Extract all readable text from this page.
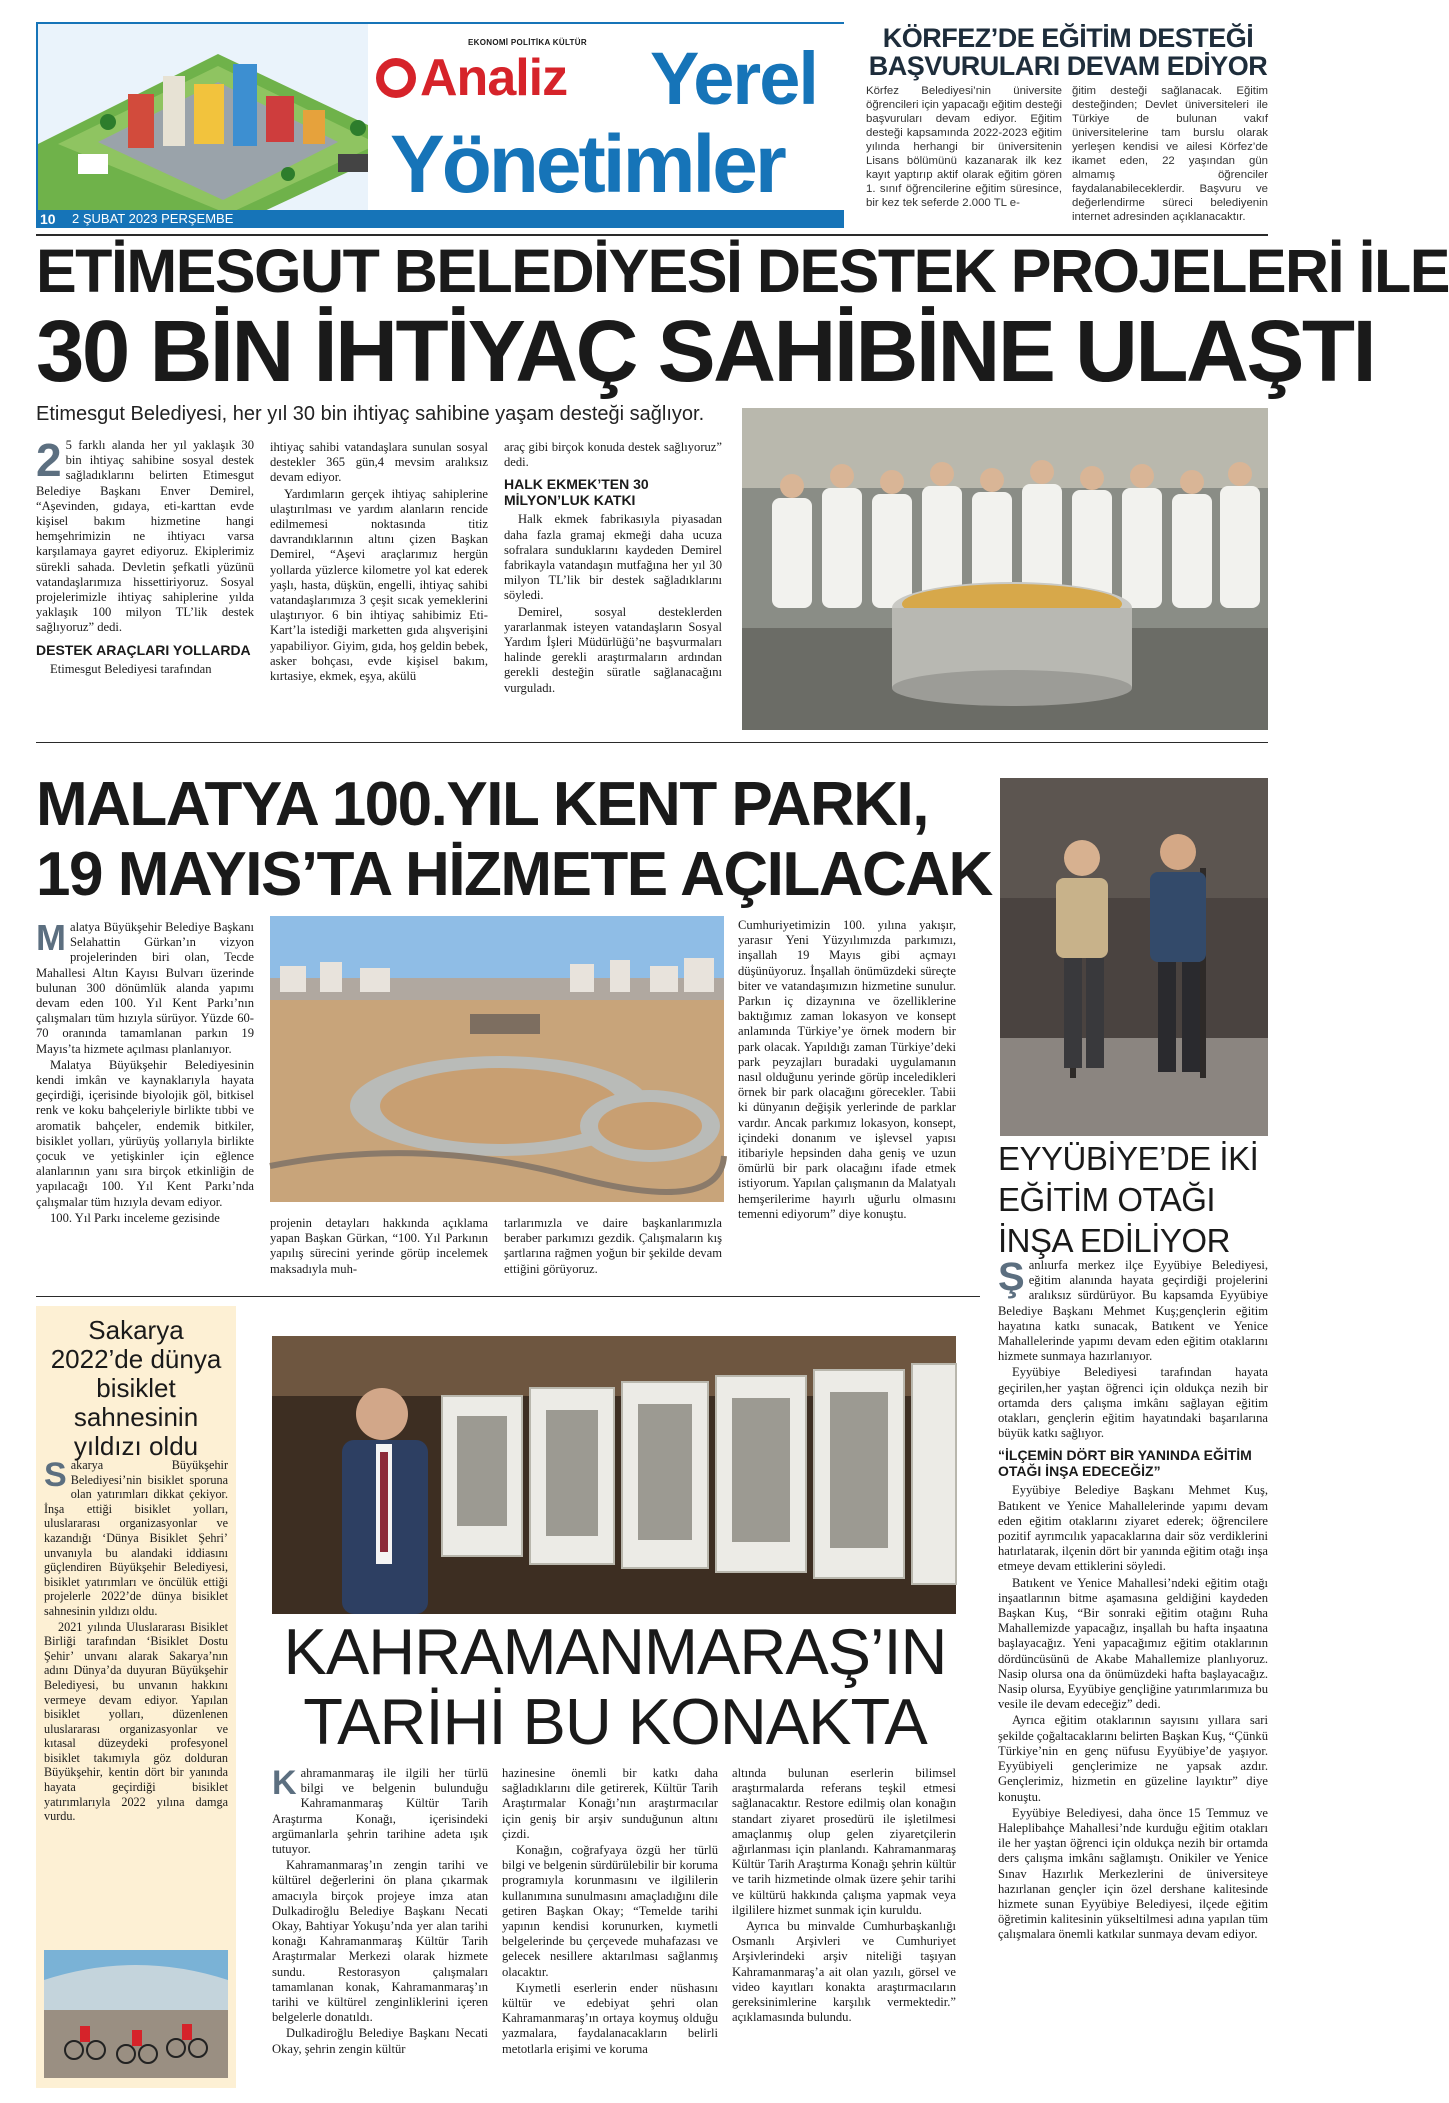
EKONOMİ POLİTİKA KÜLTÜR
Analiz Yerel
Yönetimler
10 2 ŞUBAT 2023 PERŞEMBE
KÖRFEZ’DE EĞİTİM DESTEĞİ BAŞVURULARI DEVAM EDİYOR
Körfez Belediyesi’nin üniversite öğrencileri için yapacağı eğitim desteği başvuruları devam ediyor. Eğitim desteği kapsamında 2022-2023 eğitim yılında herhangi bir üniversitenin Lisans bölümünü kazanarak ilk kez kayıt yaptırıp aktif olarak eğitim gören 1. sınıf öğrencilerine eğitim süresince, bir kez tek seferde 2.000 TL e-
ğitim desteği sağlanacak. Eğitim desteğinden; Devlet üniversiteleri ile Türkiye de bulunan vakıf üniversitelerine tam burslu olarak yerleşen kendisi ve ailesi Körfez’de ikamet eden, 22 yaşından gün almamış öğrenciler faydalanabileceklerdir. Başvuru ve değerlendirme süreci belediyenin internet adresinden açıklanacaktır.
ETİMESGUT BELEDİYESİ DESTEK PROJELERİ İLE
30 BİN İHTİYAÇ SAHİBİNE ULAŞTI
Etimesgut Belediyesi, her yıl 30 bin ihtiyaç sahibine yaşam desteği sağlıyor.
2 5 farklı alanda her yıl yaklaşık 30 bin ihtiyaç sahibine sosyal destek sağladıklarını belirten Etimesgut Belediye Başkanı Enver Demirel, “Aşevinden, gıdaya, eti-karttan evde kişisel bakım hizmetine hangi hemşehrimizin ne ihtiyacı varsa karşılamaya gayret ediyoruz. Ekiplerimiz sürekli sahada. Devletin şefkatli yüzünü vatandaşlarımıza hissettiriyoruz. Sosyal projelerimizle ihtiyaç sahiplerine yılda yaklaşık 100 milyon TL’lik destek sağlıyoruz” dedi.

DESTEK ARAÇLARI YOLLARDA

Etimesgut Belediyesi tarafından

ihtiyaç sahibi vatandaşlara sunulan sosyal destekler 365 gün,4 mevsim aralıksız devam ediyor.

Yardımların gerçek ihtiyaç sahiplerine ulaştırılması ve yardım alanların rencide edilmemesi noktasında titiz davrandıklarının altını çizen Başkan Demirel, “Aşevi araçlarımız hergün yollarda yüzlerce kilometre yol kat ederek yaşlı, hasta, düşkün, engelli, ihtiyaç sahibi vatandaşlarımıza 3 çeşit sıcak yemeklerini ulaştırıyor. 6 bin ihtiyaç sahibimiz Eti-Kart’la istediği marketten gıda alışverişini yapabiliyor. Giyim, gıda, hoş geldin bebek, asker bohçası, evde kişisel bakım, kırtasiye, ekmek, eşya, akülü

araç gibi birçok konuda destek sağlıyoruz” dedi.

HALK EKMEK’TEN 30 MİLYON’LUK KATKI

Halk ekmek fabrikasıyla piyasadan daha fazla gramaj ekmeği daha ucuza sofralara sunduklarını kaydeden Demirel fabrikayla vatandaşın mutfağına her yıl 30 milyon TL’lik bir destek sağladıklarını söyledi.

Demirel, sosyal desteklerden yararlanmak isteyen vatandaşların Sosyal Yardım İşleri Müdürlüğü’ne başvurmaları halinde gerekli araştırmaların ardından gerekli desteğin süratle sağlanacağını vurguladı.

MALATYA 100.YIL KENT PARKI,
19 MAYIS’TA HİZMETE AÇILACAK
M alatya Büyükşehir Belediye Başkanı Selahattin Gürkan’ın vizyon projelerinden biri olan, Tecde Mahallesi Altın Kayısı Bulvarı üzerinde bulunan 300 dönümlük alanda yapımı devam eden 100. Yıl Kent Parkı’nın çalışmaları tüm hızıyla sürüyor. Yüzde 60-70 oranında tamamlanan parkın 19 Mayıs’ta hizmete açılması planlanıyor.

Malatya Büyükşehir Belediyesinin kendi imkân ve kaynaklarıyla hayata geçirdiği, içerisinde biyolojik göl, bitkisel renk ve koku bahçeleriyle birlikte tıbbi ve aromatik bahçeler, endemik bitkiler, bisiklet yolları, yürüyüş yollarıyla birlikte çocuk ve yetişkinler için eğlence alanlarının yanı sıra birçok etkinliğin de yapılacağı 100. Yıl Kent Parkı’nda çalışmalar tüm hızıyla devam ediyor.

100. Yıl Parkı inceleme gezisinde	projenin detayları hakkında açıklama yapan Başkan Gürkan, “100. Yıl Parkının yapılış sürecini yerinde görüp incelemek maksadıyla muh-
tarlarımızla ve daire başkanlarımızla beraber parkımızı gezdik. Çalışmaların kış şartlarına rağmen yoğun bir şekilde devam ettiğini görüyoruz.
Cumhuriyetimizin 100. yılına yakışır, yarasır Yeni Yüzyılımızda parkımızı, inşallah 19 Mayıs gibi açmayı düşünüyoruz. İnşallah önümüzdeki süreçte biter ve vatandaşımızın hizmetine sunulur. Parkın iç dizaynına ve özelliklerine baktığımız zaman lokasyon ve konsept anlamında Türkiye’ye örnek modern bir park olacak. Yapıldığı zaman Türkiye’deki park peyzajları buradaki uygulamanın nasıl olduğunu yerinde görüp inceledikleri örnek bir park olacağını görecekler. Tabii ki dünyanın değişik yerlerinde de parklar vardır. Ancak parkımız lokasyon, konsept, içindeki donanım ve işlevsel yapısı itibariyle hepsinden daha geniş ve uzun ömürlü bir park olacağını ifade etmek istiyorum. Yapılan çalışmanın da Malatyalı hemşerilerime hayırlı uğurlu olmasını temenni ediyorum” diye konuştu.
EYYÜBİYE’DE İKİ EĞİTİM OTAĞI İNŞA EDİLİYOR
Ş anlıurfa merkez ilçe Eyyübiye Belediyesi, eğitim alanında hayata geçirdiği projelerini aralıksız sürdürüyor. Bu kapsamda Eyyübiye Belediye Başkanı Mehmet Kuş;gençlerin eğitim hayatına katkı sunacak, Batıkent ve Yenice Mahallelerinde yapımı devam eden eğitim otaklarını hizmete sunmaya hazırlanıyor.

Eyyübiye Belediyesi tarafından hayata geçirilen,her yaştan öğrenci için oldukça nezih bir ortamda ders çalışma imkânı sağlayan eğitim otakları, gençlerin eğitim hayatındaki başarılarına büyük katkı sağlıyor.

“İLÇEMİN DÖRT BİR YANINDA EĞİTİM OTAĞI İNŞA EDECEĞİZ”

Eyyübiye Belediye Başkanı Mehmet Kuş, Batıkent ve Yenice Mahallelerinde yapımı devam eden eğitim otaklarını ziyaret ederek; öğrencilere pozitif ayrımcılık yapacaklarına dair söz verdiklerini hatırlatarak, ilçenin dört bir yanında eğitim otağı inşa etmeye devam ettiklerini söyledi.

Batıkent ve Yenice Mahallesi’ndeki eğitim otağı inşaatlarının bitme aşamasına geldiğini kaydeden Başkan Kuş, “Bir sonraki eğitim otağını Ruha Mahallemizde yapacağız, inşallah bu hafta inşaatına başlayacağız. Yeni yapacağımız eğitim otaklarının dördüncüsünü de Akabe Mahallemize planlıyoruz. Nasip olursa ona da önümüzdeki hafta başlayacağız. Nasip olursa, Eyyübiye gençliğine yatırımlarımıza bu vesile ile devam edeceğiz” dedi.

Ayrıca eğitim otaklarının sayısını yıllara sari şekilde çoğaltacaklarını belirten Başkan Kuş, “Çünkü Türkiye’nin en genç nüfusu Eyyübiye’de yaşıyor. Eyyübiyeli gençlerimize ne yapsak azdır. Gençlerimiz, hizmetin en güzeline layıktır” diye konuştu.

Eyyübiye Belediyesi, daha önce 15 Temmuz ve Haleplibahçe Mahallesi’nde kurduğu eğitim otakları ile her yaştan öğrenci için oldukça nezih bir ortamda ders çalışma imkânı sağlamıştı. Onikiler ve Yenice Sınav Hazırlık Merkezlerini de üniversiteye hazırlanan gençler için özel dershane kalitesinde hizmete sunan Eyyübiye Belediyesi, ilçede eğitim öğretimin kalitesinin yükseltilmesi adına yapılan tüm çalışmalara önemli katkılar sunmaya devam ediyor.

Sakarya 2022’de dünya bisiklet sahnesinin yıldızı oldu
S akarya Büyükşehir Belediyesi’nin bisiklet sporuna olan yatırımları dikkat çekiyor. İnşa ettiği bisiklet yolları, uluslararası organizasyonlar ve kazandığı ‘Dünya Bisiklet Şehri’ unvanıyla bu alandaki iddiasını güçlendiren Büyükşehir Belediyesi, bisiklet yatırımları ve öncülük ettiği projelerle 2022’de dünya bisiklet sahnesinin yıldızı oldu.

2021 yılında Uluslararası Bisiklet Birliği tarafından ‘Bisiklet Dostu Şehir’ unvanı alarak Sakarya’nın adını Dünya’da duyuran Büyükşehir Belediyesi, bu unvanın hakkını vermeye devam ediyor. Yapılan bisiklet yolları, düzenlenen uluslararası organizasyonlar ve kıtasal düzeydeki profesyonel bisiklet takımıyla göz dolduran Büyükşehir, kentin dört bir yanında hayata geçirdiği bisiklet yatırımlarıyla 2022 yılına damga vurdu.

KAHRAMANMARAŞ’IN
TARİHİ BU KONAKTA
K ahramanmaraş ile ilgili her türlü bilgi ve belgenin bulunduğu Kahramanmaraş Kültür Tarih Araştırma Konağı, içerisindeki argümanlarla şehrin tarihine adeta ışık tutuyor.

Kahramanmaraş’ın zengin tarihi ve kültürel değerlerini ön plana çıkarmak amacıyla birçok projeye imza atan Dulkadiroğlu Belediye Başkanı Necati Okay, Bahtiyar Yokuşu’nda yer alan tarihi konağı Kahramanmaraş Kültür Tarih Araştırmalar Merkezi olarak hizmete sundu. Restorasyon çalışmaları tamamlanan konak, Kahramanmaraş’ın tarihi ve kültürel zenginliklerini içeren belgelerle donatıldı.

Dulkadiroğlu Belediye Başkanı Necati Okay, şehrin zengin kültür

hazinesine önemli bir katkı daha sağladıklarını dile getirerek, Kültür Tarih Araştırmalar Konağı’nın araştırmacılar için geniş bir arşiv sunduğunun altını çizdi.

Konağın, coğrafyaya özgü her türlü bilgi ve belgenin sürdürülebilir bir koruma programıyla korunmasını ve ilgililerin kullanımına sunulmasını amaçladığını dile getiren Başkan Okay; “Temelde tarihi yapının kendisi korunurken, kıymetli belgelerinde bu çerçevede muhafazası ve gelecek nesillere aktarılması sağlanmış olacaktır.

Kıymetli eserlerin ender nüshasını kültür ve edebiyat şehri olan Kahramanmaraş’ın ortaya koymuş olduğu yazmalara, faydalanacakların belirli metotlarla erişimi ve koruma

altında bulunan eserlerin bilimsel araştırmalarda referans teşkil etmesi sağlanacaktır. Restore edilmiş olan konağın standart ziyaret prosedürü ile işletilmesi amaçlanmış olup gelen ziyaretçilerin ağırlanması için planlandı. Kahramanmaraş Kültür Tarih Araştırma Konağı şehrin kültür ve tarih hizmetinde olmak üzere şehir tarihi ve kültürü hakkında çalışma yapmak veya ilgililere hizmet sunmak için kuruldu.

Ayrıca bu minvalde Cumhurbaşkanlığı Osmanlı Arşivleri ve Cumhuriyet Arşivlerindeki arşiv niteliği taşıyan Kahramanmaraş’a ait olan yazılı, görsel ve video kayıtları konakta araştırmacıların gereksinimlerine karşılık vermektedir.” açıklamasında bulundu.
